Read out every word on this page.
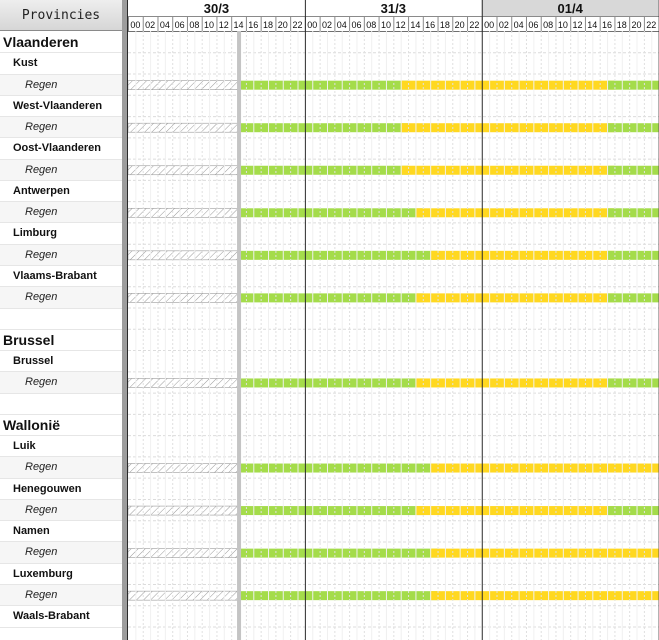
Provincies
Vlaanderen
Kust
Regen
West-Vlaanderen
Regen
Oost-Vlaanderen
Regen
Antwerpen
Regen
Limburg
Regen
Vlaams-Brabant
Regen
Brussel
Brussel
Regen
Wallonië
Luik
Regen
Henegouwen
Regen
Namen
Regen
Luxemburg
Regen
Waals-Brabant
30/3	31/3	01/4
00 02 04 06 08 10 12 14 16 18 20 22 00 02 04 06 08 10 12 14 16 18 20 22 00 02 04 06 08 10 12 14 16 18 20 22
